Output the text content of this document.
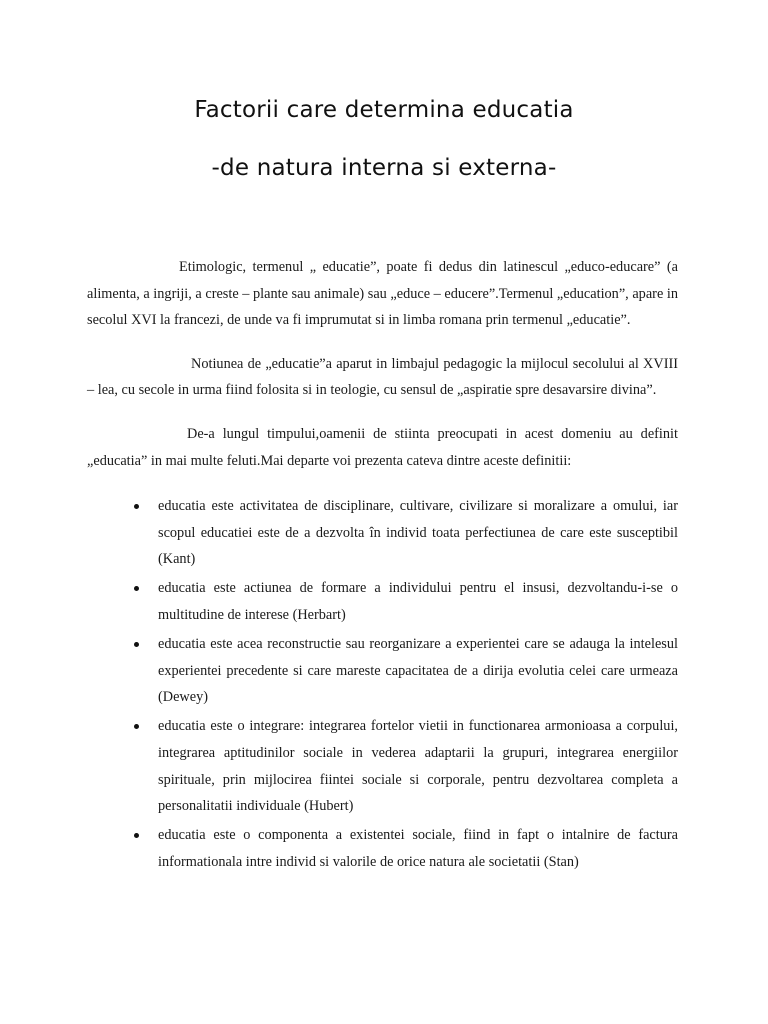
Factorii care determina educatia
-de natura interna si externa-

Etimologic, termenul „ educatie”, poate fi dedus din latinescul „educo-educare” (a alimenta, a ingriji, a creste – plante sau animale) sau „educe – educere”.Termenul „education”, apare in secolul XVI la francezi, de unde va fi imprumutat si in limba romana prin termenul „educatie”.

Notiunea de „educatie”a aparut in limbajul pedagogic la mijlocul secolului al XVIII – lea, cu secole in urma fiind folosita si in teologie, cu sensul de „aspiratie spre desavarsire divina”.

De-a lungul timpului,oamenii de stiinta preocupati in acest domeniu au definit „educatia” in mai multe feluti.Mai departe voi prezenta cateva dintre aceste definitii:

educatia este activitatea de disciplinare, cultivare, civilizare si moralizare a omului, iar scopul educatiei este de a dezvolta în individ toata perfectiunea de care este susceptibil (Kant)
educatia este actiunea de formare a individului pentru el insusi, dezvoltandu-i-se o multitudine de interese (Herbart)
educatia este acea reconstructie sau reorganizare a experientei care se adauga la intelesul experientei precedente si care mareste capacitatea de a dirija evolutia celei care urmeaza (Dewey)
educatia este o integrare: integrarea fortelor vietii in functionarea armonioasa a corpului, integrarea aptitudinilor sociale in vederea adaptarii la grupuri, integrarea energiilor spirituale, prin mijlocirea fiintei sociale si corporale, pentru dezvoltarea completa a personalitatii individuale (Hubert)
educatia este o componenta a existentei sociale, fiind in fapt o intalnire de factura informationala intre individ si valorile de orice natura ale societatii (Stan)
